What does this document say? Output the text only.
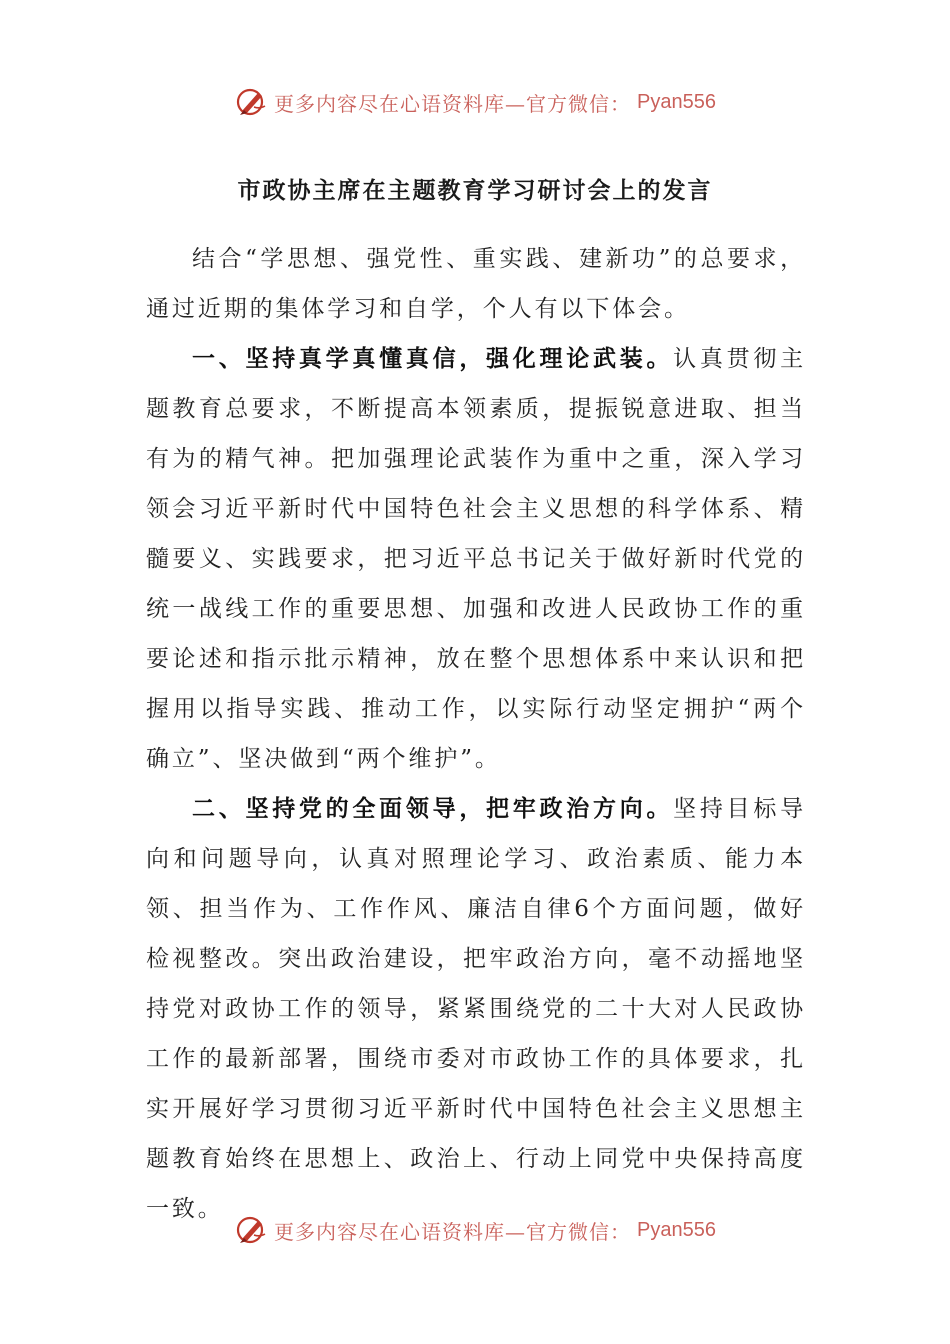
更多内容尽在心语资料库—官方微信： Pyan556
市政协主席在主题教育学习研讨会上的发言

结合“学思想、强党性、重实践、建新功”的总要求，通过近期的集体学习和自学，个人有以下体会。

一、坚持真学真懂真信，强化理论武装。认真贯彻主题教育总要求，不断提高本领素质，提振锐意进取、担当有为的精气神。把加强理论武装作为重中之重，深入学习领会习近平新时代中国特色社会主义思想的科学体系、精髓要义、实践要求，把习近平总书记关于做好新时代党的统一战线工作的重要思想、加强和改进人民政协工作的重要论述和指示批示精神，放在整个思想体系中来认识和把握用以指导实践、推动工作，以实际行动坚定拥护“两个确立”、坚决做到“两个维护”。

二、坚持党的全面领导，把牢政治方向。坚持目标导向和问题导向，认真对照理论学习、政治素质、能力本领、担当作为、工作作风、廉洁自律6个方面问题，做好检视整改。突出政治建设，把牢政治方向，毫不动摇地坚持党对政协工作的领导，紧紧围绕党的二十大对人民政协工作的最新部署，围绕市委对市政协工作的具体要求，扎实开展好学习贯彻习近平新时代中国特色社会主义思想主题教育始终在思想上、政治上、行动上同党中央保持高度一致。

更多内容尽在心语资料库—官方微信： Pyan556
